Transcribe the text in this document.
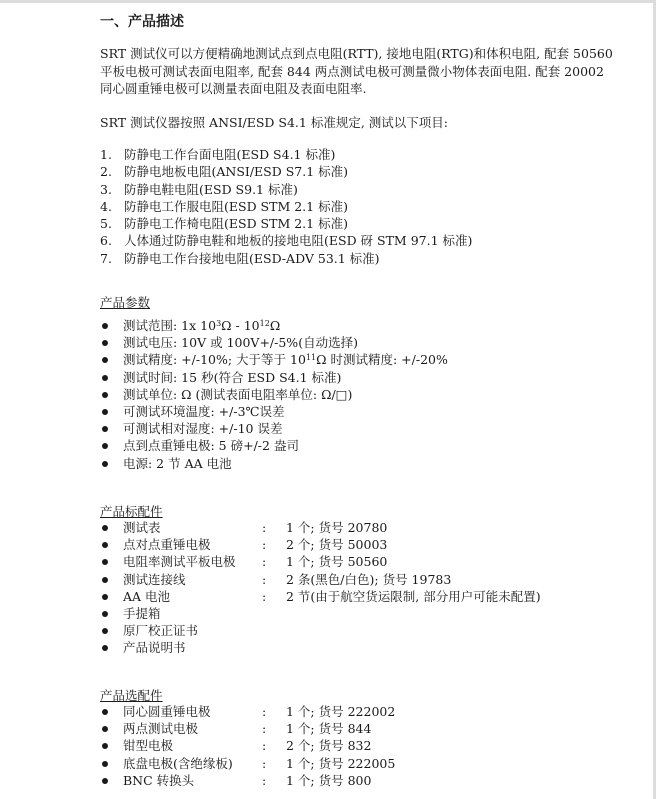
一、产品描述

SRT 测试仪可以方便精确地测试点到点电阻(RTT), 接地电阻(RTG)和体积电阻, 配套 50560 平板电极可测试表面电阻率, 配套 844 两点测试电极可测量微小物体表面电阻. 配套 20002 同心圆重锤电极可以测量表面电阻及表面电阻率.

SRT 测试仪器按照 ANSI/ESD S4.1 标准规定, 测试以下项目:

1. 防静电工作台面电阻(ESD S4.1 标准)
2. 防静电地板电阻(ANSI/ESD S7.1 标准)
3. 防静电鞋电阻(ESD S9.1 标准)
4. 防静电工作服电阻(ESD STM 2.1 标准)
5. 防静电工作椅电阻(ESD STM 2.1 标准)
6. 人体通过防静电鞋和地板的接地电阻(ESD 砑 STM 97.1 标准)
7. 防静电工作台接地电阻(ESD-ADV 53.1 标准)
产品参数
测试范围: 1x $10^3\Omega - 10^{12}\Omega$
测试电压: 10V 或 100V+/-5%(自动选择)
测试精度: +/-10%; 大于等于 $10^{11}\Omega$ 时测试精度: +/-20%
测试时间: 15 秒(符合 ESD S4.1 标准)
测试单位: Ω (测试表面电阻率单位: Ω/□)
可测试环境温度: +/-3℃误差
可测试相对湿度: +/-10 误差
点到点重锤电极: 5 磅+/-2 盎司
电源: 2 节 AA 电池
产品标配件
测试表	: 1 个; 货号 20780
点对点重锤电极	: 2 个; 货号 50003
电阻率测试平板电极 : 1 个; 货号 50560
测试连接线	: 2 条(黑色/白色); 货号 19783
AA 电池	: 2 节(由于航空货运限制, 部分用户可能未配置)
手提箱
原厂校正证书
产品说明书
产品选配件
同心圆重锤电极	: 1 个; 货号 222002
两点测试电极	: 1 个; 货号 844
钳型电极	: 2 个; 货号 832
底盘电极(含绝缘板) : 1 个; 货号 222005
BNC 转换头	: 1 个; 货号 800
